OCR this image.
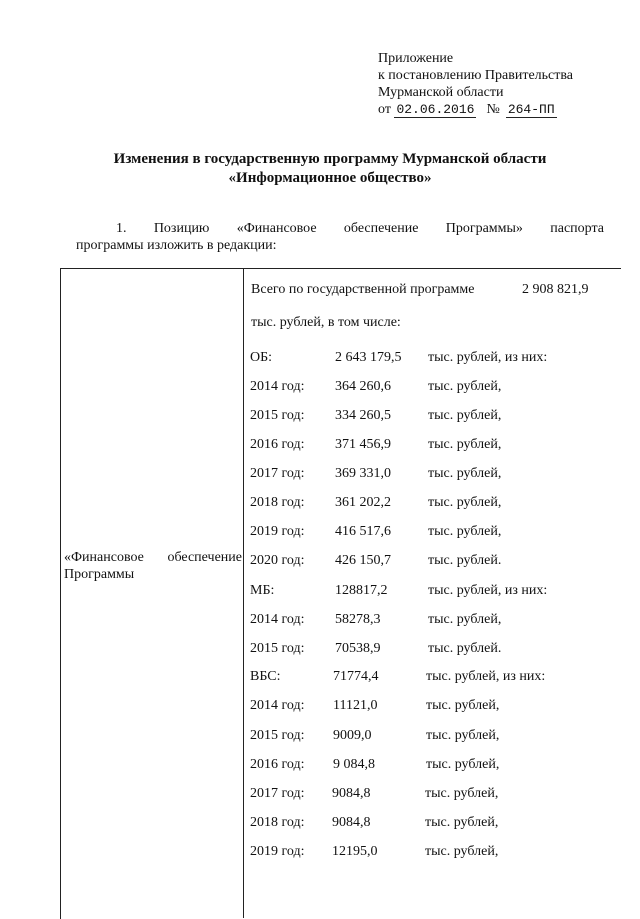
Приложение
к постановлению Правительства
Мурманской области
от 02.06.2016 № 264-ПП
Изменения в государственную программу Мурманской области
«Информационное общество»
1. Позицию «Финансовое обеспечение Программы» паспорта
программы изложить в редакции:
«Финансовое обеспечение
Программы
Всего по государственной программе	2 908 821,9
тыс. рублей, в том числе:
ОБ:	2 643 179,5 тыс. рублей, из них:
2014 год: 364 260,6	тыс. рублей,
2015 год: 334 260,5	тыс. рублей,
2016 год: 371 456,9	тыс. рублей,
2017 год: 369 331,0	тыс. рублей,
2018 год: 361 202,2	тыс. рублей,
2019 год: 416 517,6	тыс. рублей,
2020 год: 426 150,7	тыс. рублей.
МБ:	128817,2	тыс. рублей, из них:
2014 год: 58278,3	тыс. рублей,
2015 год: 70538,9	тыс. рублей.
ВБС:	71774,4	тыс. рублей, из них:
2014 год: 11121,0	тыс. рублей,
2015 год: 9009,0	тыс. рублей,
2016 год: 9 084,8	тыс. рублей,
2017 год: 9084,8	тыс. рублей,
2018 год: 9084,8	тыс. рублей,
2019 год: 12195,0	тыс. рублей,
